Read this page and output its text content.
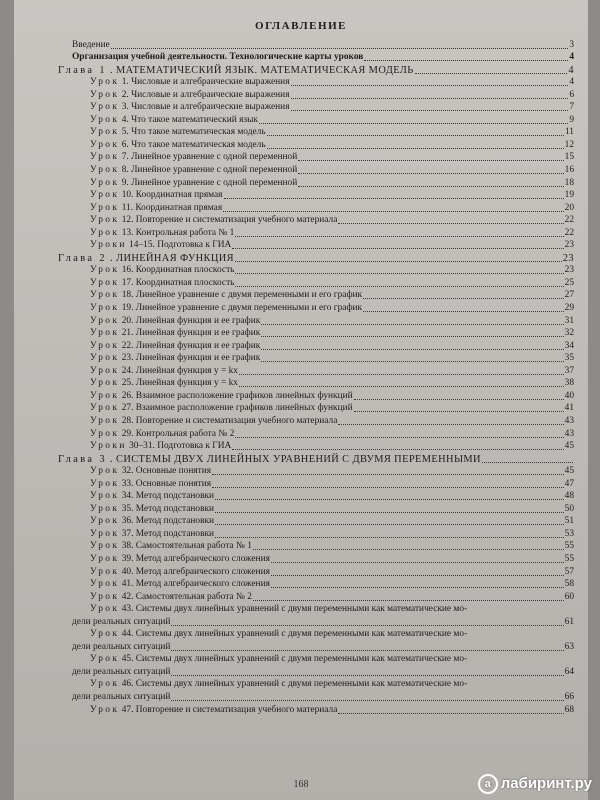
ОГЛАВЛЕНИЕ
Введение	3
Организация учебной деятельности. Технологические карты уроков	4
Глава 1 . МАТЕМАТИЧЕСКИЙ ЯЗЫК. МАТЕМАТИЧЕСКАЯ МОДЕЛЬ	4
Урок 1. Числовые и алгебраические выражения	4
Урок 2. Числовые и алгебраические выражения	6
Урок 3. Числовые и алгебраические выражения	7
Урок 4. Что такое математический язык	9
Урок 5. Что такое математическая модель	11
Урок 6. Что такое математическая модель	12
Урок 7. Линейное уравнение с одной переменной	15
Урок 8. Линейное уравнение с одной переменной	16
Урок 9. Линейное уравнение с одной переменной	18
Урок 10. Координатная прямая	19
Урок 11. Координатная прямая	20
Урок 12. Повторение и систематизация учебного материала	22
Урок 13. Контрольная работа № 1	22
Уроки 14–15. Подготовка к ГИА	23
Глава 2 . ЛИНЕЙНАЯ ФУНКЦИЯ	23
Урок 16. Координатная плоскость	23
Урок 17. Координатная плоскость	25
Урок 18. Линейное уравнение с двумя переменными и его график	27
Урок 19. Линейное уравнение с двумя переменными и его график	29
Урок 20. Линейная функция и ее график	31
Урок 21. Линейная функция и ее график	32
Урок 22. Линейная функция и ее график	34
Урок 23. Линейная функция и ее график	35
Урок 24. Линейная функция y = kx	37
Урок 25. Линейная функция y = kx	38
Урок 26. Взаимное расположение графиков линейных функций	40
Урок 27. Взаимное расположение графиков линейных функций	41
Урок 28. Повторение и систематизация учебного материала	43
Урок 29. Контрольная работа № 2	43
Уроки 30–31. Подготовка к ГИА	45
Глава 3 . СИСТЕМЫ ДВУХ ЛИНЕЙНЫХ УРАВНЕНИЙ С ДВУМЯ ПЕРЕМЕННЫМИ
Урок 32. Основные понятия	45
Урок 33. Основные понятия	47
Урок 34. Метод подстановки	48
Урок 35. Метод подстановки	50
Урок 36. Метод подстановки	51
Урок 37. Метод подстановки	53
Урок 38. Самостоятельная работа № 1	55
Урок 39. Метод алгебраического сложения	55
Урок 40. Метод алгебраического сложения	57
Урок 41. Метод алгебраического сложения	58
Урок 42. Самостоятельная работа № 2	60
Урок 43. Системы двух линейных уравнений с двумя переменными как математические мо-
дели реальных ситуаций	61
Урок 44. Системы двух линейных уравнений с двумя переменными как математические мо-
дели реальных ситуаций	63
Урок 45. Системы двух линейных уравнений с двумя переменными как математические мо-
дели реальных ситуаций	64
Урок 46. Системы двух линейных уравнений с двумя переменными как математические мо-
дели реальных ситуаций	66
Урок 47. Повторение и систематизация учебного материала	68
168	а лабиринт.ру
